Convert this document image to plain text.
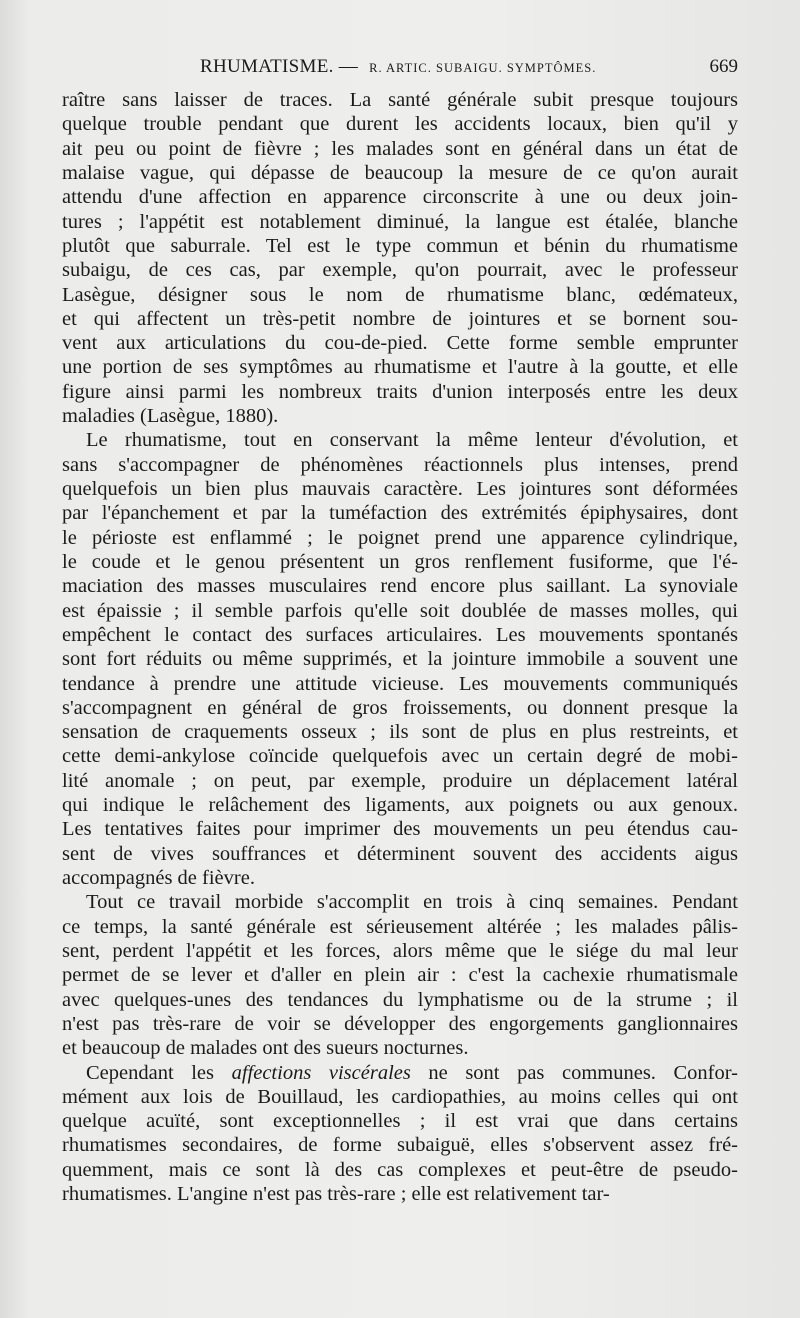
RHUMATISME. — R. ARTIC. SUBAIGU. SYMPTÔMES.	669
raître sans laisser de traces. La santé générale subit presque toujours
quelque trouble pendant que durent les accidents locaux, bien qu'il y
ait peu ou point de fièvre ; les malades sont en général dans un état de
malaise vague, qui dépasse de beaucoup la mesure de ce qu'on aurait
attendu d'une affection en apparence circonscrite à une ou deux join-
tures ; l'appétit est notablement diminué, la langue est étalée, blanche
plutôt que saburrale. Tel est le type commun et bénin du rhumatisme
subaigu, de ces cas, par exemple, qu'on pourrait, avec le professeur
Lasègue, désigner sous le nom de rhumatisme blanc, œdémateux,
et qui affectent un très-petit nombre de jointures et se bornent sou-
vent aux articulations du cou-de-pied. Cette forme semble emprunter
une portion de ses symptômes au rhumatisme et l'autre à la goutte, et elle
figure ainsi parmi les nombreux traits d'union interposés entre les deux
maladies (Lasègue, 1880).
Le rhumatisme, tout en conservant la même lenteur d'évolution, et
sans s'accompagner de phénomènes réactionnels plus intenses, prend
quelquefois un bien plus mauvais caractère. Les jointures sont déformées
par l'épanchement et par la tuméfaction des extrémités épiphysaires, dont
le périoste est enflammé ; le poignet prend une apparence cylindrique,
le coude et le genou présentent un gros renflement fusiforme, que l'é-
maciation des masses musculaires rend encore plus saillant. La synoviale
est épaissie ; il semble parfois qu'elle soit doublée de masses molles, qui
empêchent le contact des surfaces articulaires. Les mouvements spontanés
sont fort réduits ou même supprimés, et la jointure immobile a souvent une
tendance à prendre une attitude vicieuse. Les mouvements communiqués
s'accompagnent en général de gros froissements, ou donnent presque la
sensation de craquements osseux ; ils sont de plus en plus restreints, et
cette demi-ankylose coïncide quelquefois avec un certain degré de mobi-
lité anomale ; on peut, par exemple, produire un déplacement latéral
qui indique le relâchement des ligaments, aux poignets ou aux genoux.
Les tentatives faites pour imprimer des mouvements un peu étendus cau-
sent de vives souffrances et déterminent souvent des accidents aigus
accompagnés de fièvre.
Tout ce travail morbide s'accomplit en trois à cinq semaines. Pendant
ce temps, la santé générale est sérieusement altérée ; les malades pâlis-
sent, perdent l'appétit et les forces, alors même que le siége du mal leur
permet de se lever et d'aller en plein air : c'est la cachexie rhumatismale
avec quelques-unes des tendances du lymphatisme ou de la strume ; il
n'est pas très-rare de voir se développer des engorgements ganglionnaires
et beaucoup de malades ont des sueurs nocturnes.
Cependant les affections viscérales ne sont pas communes. Confor-
mément aux lois de Bouillaud, les cardiopathies, au moins celles qui ont
quelque acuïté, sont exceptionnelles ; il est vrai que dans certains
rhumatismes secondaires, de forme subaiguë, elles s'observent assez fré-
quemment, mais ce sont là des cas complexes et peut-être de pseudo-
rhumatismes. L'angine n'est pas très-rare ; elle est relativement tar-
